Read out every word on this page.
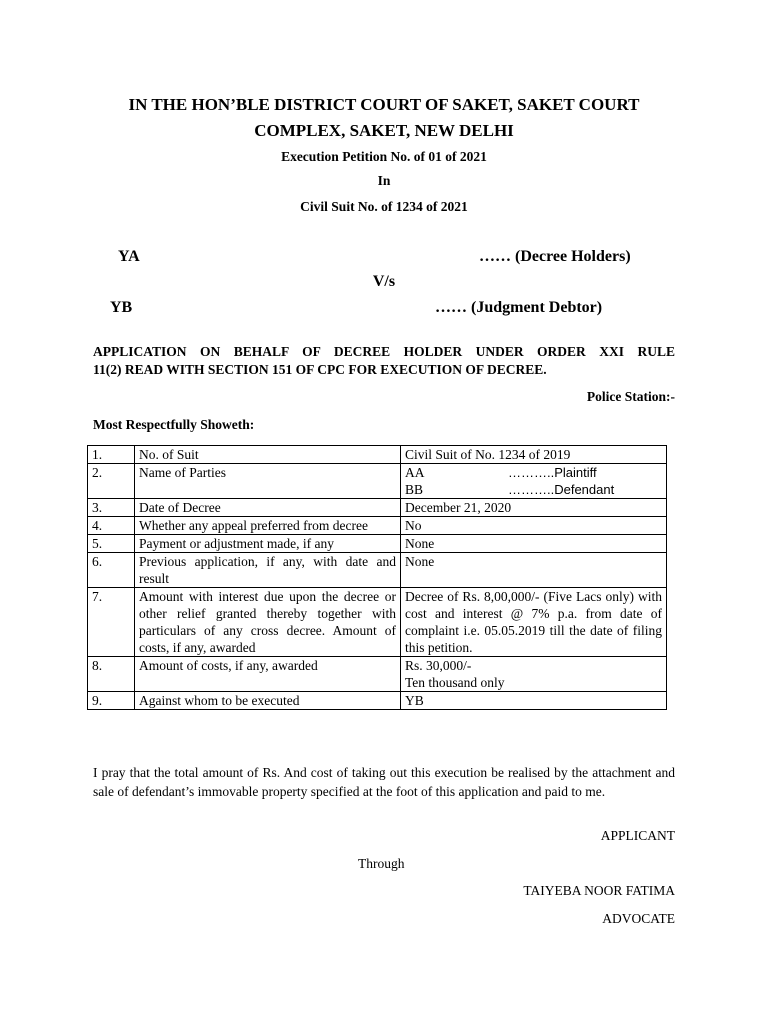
IN THE HON’BLE DISTRICT COURT OF SAKET, SAKET COURT
COMPLEX, SAKET, NEW DELHI
Execution Petition No. of 01 of 2021
In
Civil Suit No. of 1234 of 2021
YA	…… (Decree Holders)
V/s
YB	…… (Judgment Debtor)
APPLICATION ON BEHALF OF DECREE HOLDER UNDER ORDER XXI RULE
11(2) READ WITH SECTION 151 OF CPC FOR EXECUTION OF DECREE.
Police Station:-
Most Respectfully Showeth:
1.	No. of Suit	Civil Suit of No. 1234 of 2019
2.	Name of Parties	AA ………..Plaintiff
BB ………..Defendant

3.	Date of Decree	December 21, 2020
4.	Whether any appeal preferred from decree	No
5.	Payment or adjustment made, if any	None
6.	Previous application, if any, with date and result	None
7.	Amount with interest due upon the decree or other relief granted thereby together with particulars of any cross decree. Amount of costs, if any, awarded	Decree of Rs. 8,00,000/- (Five Lacs only) with cost and interest @ 7% p.a. from date of complaint i.e. 05.05.2019 till the date of filing this petition.
8.	Amount of costs, if any, awarded	Rs. 30,000/-
Ten thousand only

9.	Against whom to be executed	YB
I pray that the total amount of Rs. And cost of taking out this execution be realised by the attachment and sale of defendant’s immovable property specified at the foot of this application and paid to me.
APPLICANT
Through
TAIYEBA NOOR FATIMA
ADVOCATE
